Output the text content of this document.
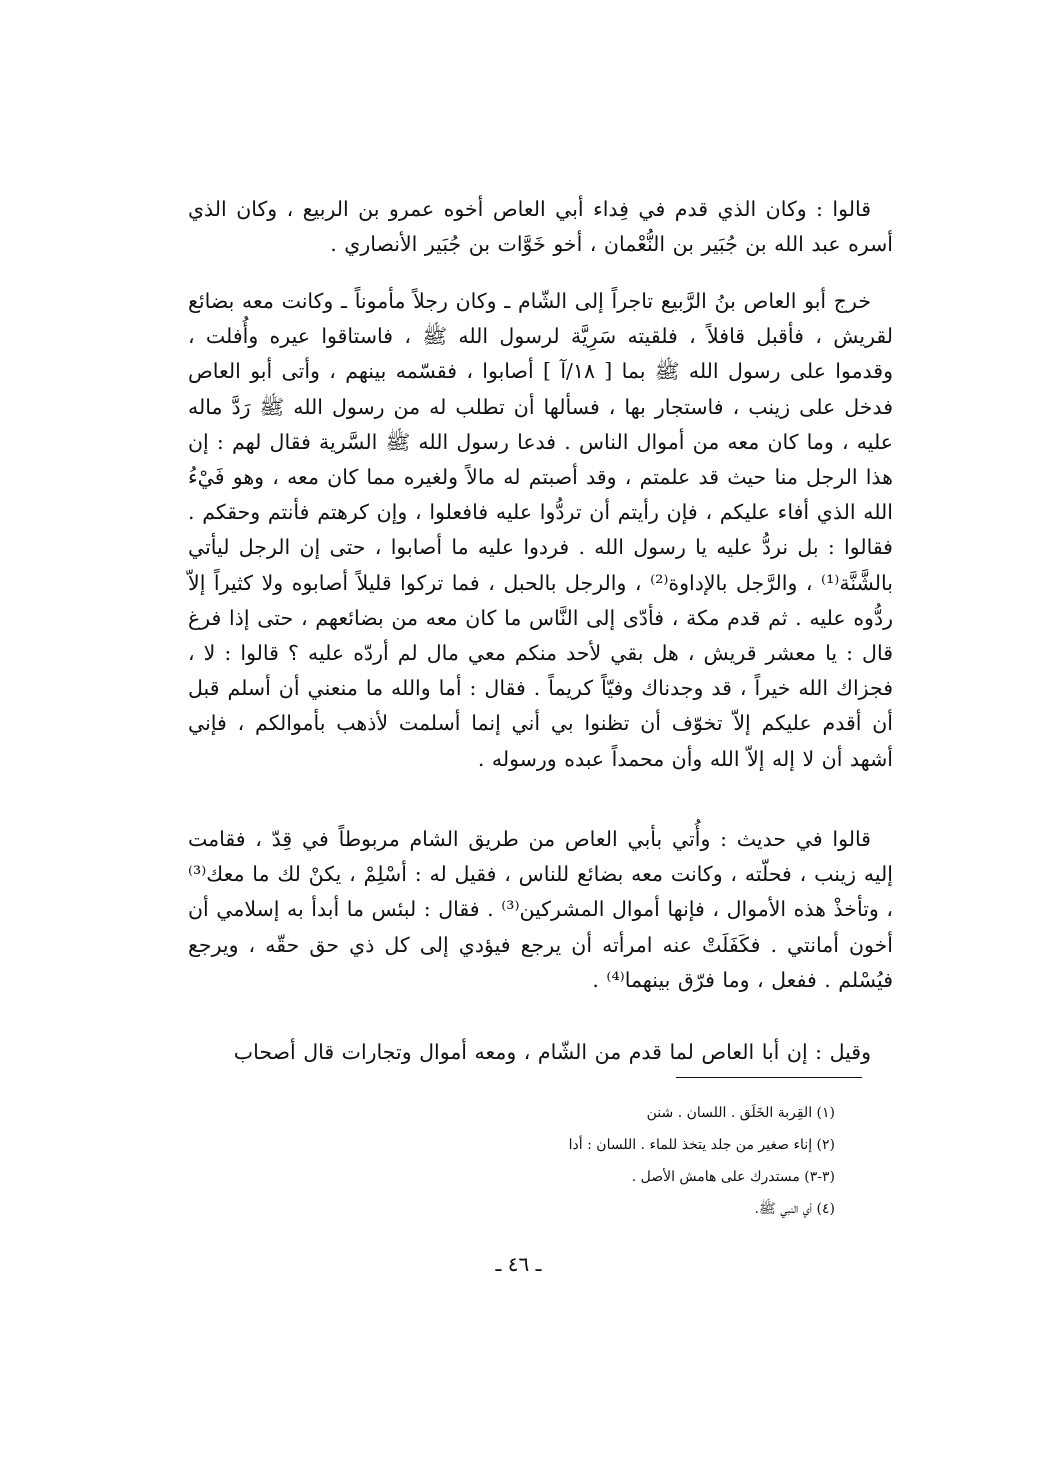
قالوا : وكان الذي قدم في فِداء أبي العاص أخوه عمرو بن الربيع ، وكان الذي أسره عبد الله بن جُبَير بن النُّعْمان ، أخو خَوَّات بن جُبَير الأنصاري .

خرج أبو العاص بنُ الرَّبيع تاجراً إلى الشّام ـ وكان رجلاً مأموناً ـ وكانت معه بضائع لقريش ، فأقبل قافلاً ، فلقيته سَرِيَّة لرسول الله ﷺ ، فاستاقوا عيره وأُفلت ، وقدموا على رسول الله ﷺ بما [ ١٨/آ ] أصابوا ، فقسّمه بينهم ، وأتى أبو العاص فدخل على زينب ، فاستجار بها ، فسألها أن تطلب له من رسول الله ﷺ رَدَّ ماله عليه ، وما كان معه من أموال الناس . فدعا رسول الله ﷺ السَّرية فقال لهم : إن هذا الرجل منا حيث قد علمتم ، وقد أصبتم له مالاً ولغيره مما كان معه ، وهو فَيْءُ الله الذي أفاء عليكم ، فإن رأيتم أن تردُّوا عليه فافعلوا ، وإن كرهتم فأنتم وحقكم . فقالوا : بل نردُّ عليه يا رسول الله . فردوا عليه ما أصابوا ، حتى إن الرجل ليأتي بالشَّنَّة⁽¹⁾ ، والرَّجل بالإداوة⁽²⁾ ، والرجل بالحبل ، فما تركوا قليلاً أصابوه ولا كثيراً إلاّ ردُّوه عليه . ثم قدم مكة ، فأدّى إلى النَّاس ما كان معه من بضائعهم ، حتى إذا فرغ قال : يا معشر قريش ، هل بقي لأحد منكم معي مال لم أردّه عليه ؟ قالوا : لا ، فجزاك الله خيراً ، قد وجدناك وفيّاً كريماً . فقال : أما والله ما منعني أن أسلم قبل أن أقدم عليكم إلاّ تخوّف أن تظنوا بي أني إنما أسلمت لأذهب بأموالكم ، فإني أشهد أن لا إله إلاّ الله وأن محمداً عبده ورسوله .

قالوا في حديث : وأُتي بأبي العاص من طريق الشام مربوطاً في قِدّ ، فقامت إليه زينب ، فحلّته ، وكانت معه بضائع للناس ، فقيل له : أسْلِمْ ، يكنْ لك ما معك⁽³⁾ ، وتأخذْ هذه الأموال ، فإنها أموال المشركين⁽³⁾ . فقال : لبئس ما أبدأ به إسلامي أن أخون أمانتي . فكَفَلَتْ عنه امرأته أن يرجع فيؤدي إلى كل ذي حق حقّه ، ويرجع فيُسْلم . ففعل ، وما فرّق بينهما⁽⁴⁾ .

وقيل : إن أبا العاص لما قدم من الشّام ، ومعه أموال وتجارات قال أصحاب

(١) القِربة الخَلَق . اللسان . شنن
(٢) إناء صغير من جلد يتخذ للماء . اللسان : أدا
(٣-٣) مستدرك على هامش الأصل .
(٤) أي النبي ﷺ.
ـ ٤٦ ـ
